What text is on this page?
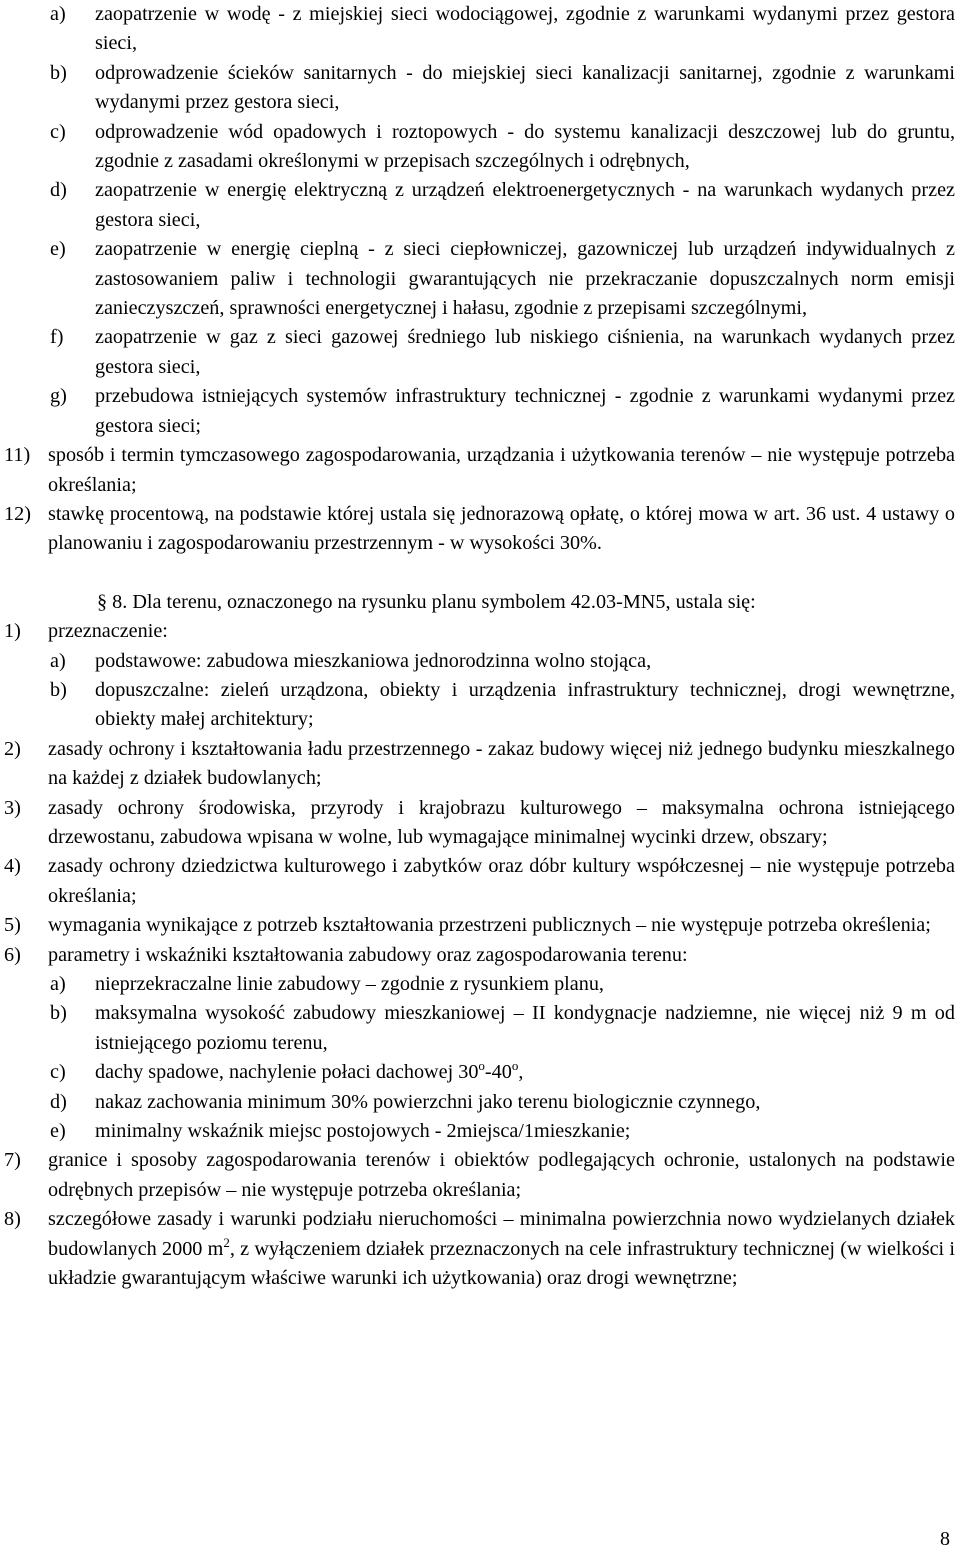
a) zaopatrzenie w wodę - z miejskiej sieci wodociągowej, zgodnie z warunkami wydanymi przez gestora sieci,
b) odprowadzenie ścieków sanitarnych - do miejskiej sieci kanalizacji sanitarnej, zgodnie z warunkami wydanymi przez gestora sieci,
c) odprowadzenie wód opadowych i roztopowych - do systemu kanalizacji deszczowej lub do gruntu, zgodnie z zasadami określonymi w przepisach szczególnych i odrębnych,
d) zaopatrzenie w energię elektryczną z urządzeń elektroenergetycznych - na warunkach wydanych przez gestora sieci,
e) zaopatrzenie w energię cieplną - z sieci ciepłowniczej, gazowniczej lub urządzeń indywidualnych z zastosowaniem paliw i technologii gwarantujących nie przekraczanie dopuszczalnych norm emisji zanieczyszczeń, sprawności energetycznej i hałasu, zgodnie z przepisami szczególnymi,
f) zaopatrzenie w gaz z sieci gazowej średniego lub niskiego ciśnienia, na warunkach wydanych przez gestora sieci,
g) przebudowa istniejących systemów infrastruktury technicznej - zgodnie z warunkami wydanymi przez gestora sieci;
11) sposób i termin tymczasowego zagospodarowania, urządzania i użytkowania terenów – nie występuje potrzeba określania;
12) stawkę procentową, na podstawie której ustala się jednorazową opłatę, o której mowa w art. 36 ust. 4 ustawy o planowaniu i zagospodarowaniu przestrzennym - w wysokości 30%.

§ 8. Dla terenu, oznaczonego na rysunku planu symbolem 42.03-MN5, ustala się:

1) przeznaczenie:
a) podstawowe: zabudowa mieszkaniowa jednorodzinna wolno stojąca,
b) dopuszczalne: zieleń urządzona, obiekty i urządzenia infrastruktury technicznej, drogi wewnętrzne, obiekty małej architektury;
2) zasady ochrony i kształtowania ładu przestrzennego - zakaz budowy więcej niż jednego budynku mieszkalnego na każdej z działek budowlanych;
3) zasady ochrony środowiska, przyrody i krajobrazu kulturowego – maksymalna ochrona istniejącego drzewostanu, zabudowa wpisana w wolne, lub wymagające minimalnej wycinki drzew, obszary;
4) zasady ochrony dziedzictwa kulturowego i zabytków oraz dóbr kultury współczesnej – nie występuje potrzeba określania;
5) wymagania wynikające z potrzeb kształtowania przestrzeni publicznych – nie występuje potrzeba określenia;
6) parametry i wskaźniki kształtowania zabudowy oraz zagospodarowania terenu:
a) nieprzekraczalne linie zabudowy – zgodnie z rysunkiem planu,
b) maksymalna wysokość zabudowy mieszkaniowej – II kondygnacje nadziemne, nie więcej niż 9 m od istniejącego poziomu terenu,
c) dachy spadowe, nachylenie połaci dachowej 30$^o$-40$^o$,
d) nakaz zachowania minimum 30% powierzchni jako terenu biologicznie czynnego,
e) minimalny wskaźnik miejsc postojowych - 2miejsca/1mieszkanie;
7) granice i sposoby zagospodarowania terenów i obiektów podlegających ochronie, ustalonych na podstawie odrębnych przepisów – nie występuje potrzeba określania;
8) szczegółowe zasady i warunki podziału nieruchomości – minimalna powierzchnia nowo wydzielanych działek budowlanych 2000 $m^2$, z wyłączeniem działek przeznaczonych na cele infrastruktury technicznej (w wielkości i układzie gwarantującym właściwe warunki ich użytkowania) oraz drogi wewnętrzne;
8
